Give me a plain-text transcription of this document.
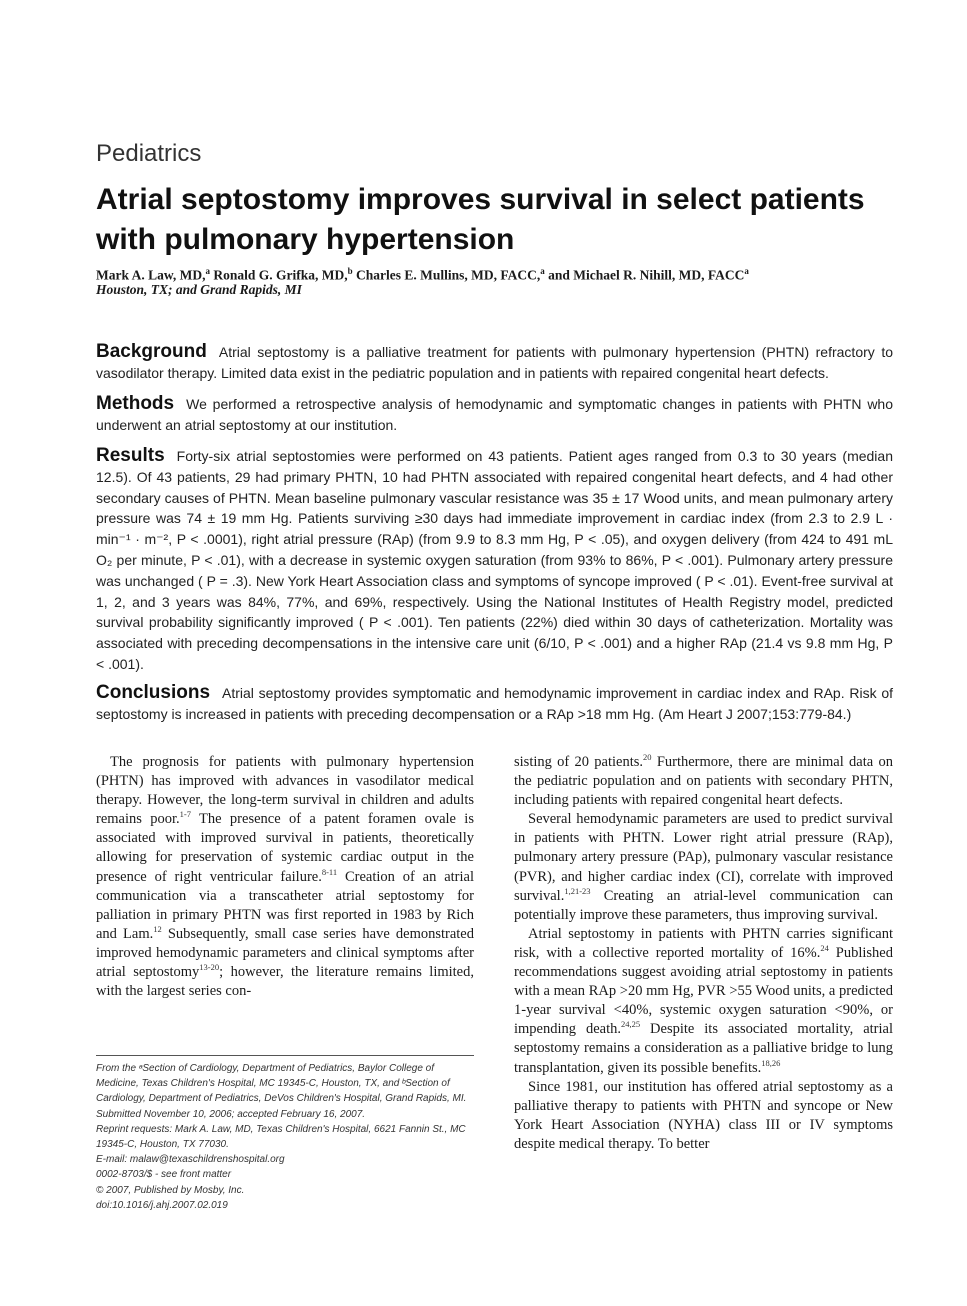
Pediatrics
Atrial septostomy improves survival in select patients with pulmonary hypertension
Mark A. Law, MD,$^a$ Ronald G. Grifka, MD,$^b$ Charles E. Mullins, MD, FACC,$^a$ and Michael R. Nihill, MD, FACC$^a$
Houston, TX; and Grand Rapids, MI
Background Atrial septostomy is a palliative treatment for patients with pulmonary hypertension (PHTN) refractory to vasodilator therapy. Limited data exist in the pediatric population and in patients with repaired congenital heart defects.
Methods We performed a retrospective analysis of hemodynamic and symptomatic changes in patients with PHTN who underwent an atrial septostomy at our institution.
Results Forty-six atrial septostomies were performed on 43 patients. Patient ages ranged from 0.3 to 30 years (median 12.5). Of 43 patients, 29 had primary PHTN, 10 had PHTN associated with repaired congenital heart defects, and 4 had other secondary causes of PHTN. Mean baseline pulmonary vascular resistance was 35 ± 17 Wood units, and mean pulmonary artery pressure was 74 ± 19 mm Hg. Patients surviving ≥30 days had immediate improvement in cardiac index (from 2.3 to 2.9 L · min⁻¹ · m⁻², P < .0001), right atrial pressure (RAp) (from 9.9 to 8.3 mm Hg, P < .05), and oxygen delivery (from 424 to 491 mL O₂ per minute, P < .01), with a decrease in systemic oxygen saturation (from 93% to 86%, P < .001). Pulmonary artery pressure was unchanged ( P = .3). New York Heart Association class and symptoms of syncope improved ( P < .01). Event-free survival at 1, 2, and 3 years was 84%, 77%, and 69%, respectively. Using the National Institutes of Health Registry model, predicted survival probability significantly improved ( P < .001). Ten patients (22%) died within 30 days of catheterization. Mortality was associated with preceding decompensations in the intensive care unit (6/10, P < .001) and a higher RAp (21.4 vs 9.8 mm Hg, P < .001).
Conclusions Atrial septostomy provides symptomatic and hemodynamic improvement in cardiac index and RAp. Risk of septostomy is increased in patients with preceding decompensation or a RAp >18 mm Hg. (Am Heart J 2007;153:779-84.)

The prognosis for patients with pulmonary hypertension (PHTN) has improved with advances in vasodilator medical therapy. However, the long-term survival in children and adults remains poor.$^{1-7}$ The presence of a patent foramen ovale is associated with improved survival in patients, theoretically allowing for preservation of systemic cardiac output in the presence of right ventricular failure.$^{8-11}$ Creation of an atrial communication via a transcatheter atrial septostomy for palliation in primary PHTN was first reported in 1983 by Rich and Lam.$^{12}$ Subsequently, small case series have demonstrated improved hemodynamic parameters and clinical symptoms after atrial septostomy$^{13-20}$; however, the literature remains limited, with the largest series con-

sisting of 20 patients.$^{20}$ Furthermore, there are minimal data on the pediatric population and on patients with secondary PHTN, including patients with repaired congenital heart defects.

Several hemodynamic parameters are used to predict survival in patients with PHTN. Lower right atrial pressure (RAp), pulmonary artery pressure (PAp), pulmonary vascular resistance (PVR), and higher cardiac index (CI), correlate with improved survival.$^{1,21-23}$ Creating an atrial-level communication can potentially improve these parameters, thus improving survival.

Atrial septostomy in patients with PHTN carries significant risk, with a collective reported mortality of 16%.$^{24}$ Published recommendations suggest avoiding atrial septostomy in patients with a mean RAp >20 mm Hg, PVR >55 Wood units, a predicted 1-year survival <40%, systemic oxygen saturation <90%, or impending death.$^{24,25}$ Despite its associated mortality, atrial septostomy remains a consideration as a palliative bridge to lung transplantation, given its possible benefits.$^{18,26}$

Since 1981, our institution has offered atrial septostomy as a palliative therapy to patients with PHTN and syncope or New York Heart Association (NYHA) class III or IV symptoms despite medical therapy. To better

From the ᵃSection of Cardiology, Department of Pediatrics, Baylor College of Medicine, Texas Children's Hospital, MC 19345-C, Houston, TX, and ᵇSection of Cardiology, Department of Pediatrics, DeVos Children's Hospital, Grand Rapids, MI.
Submitted November 10, 2006; accepted February 16, 2007.
Reprint requests: Mark A. Law, MD, Texas Children's Hospital, 6621 Fannin St., MC 19345-C, Houston, TX 77030.
E-mail: malaw@texaschildrenshospital.org
0002-8703/$ - see front matter
© 2007, Published by Mosby, Inc.
doi:10.1016/j.ahj.2007.02.019
